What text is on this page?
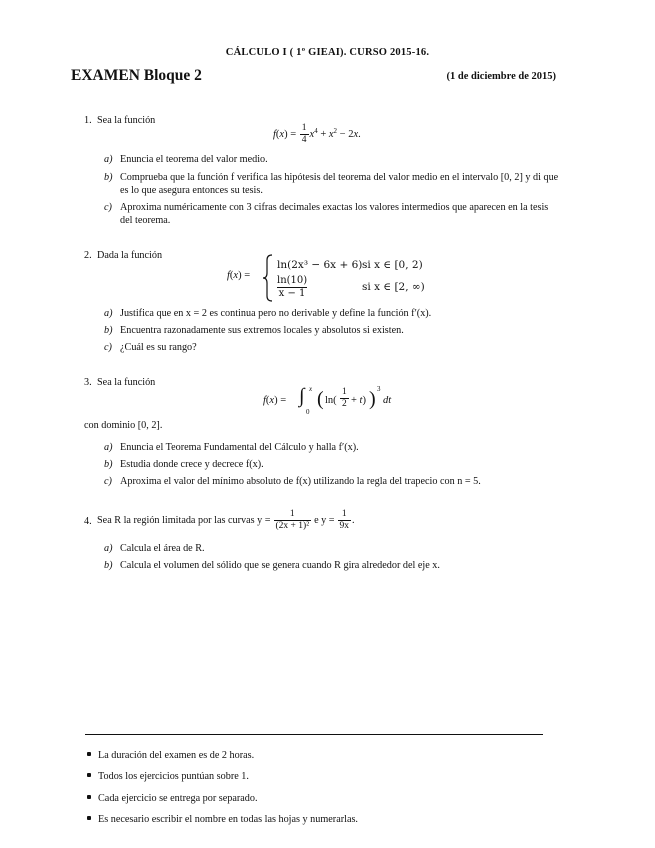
CÁLCULO I ( 1º GIEAI). CURSO 2015-16.
EXAMEN Bloque 2	(1 de diciembre de 2015)
1. Sea la función
$f(x) = \frac{1}{4} x^4 + x^2 - 2x$.
a) Enuncia el teorema del valor medio.
b) Comprueba que la función f verifica las hipótesis del teorema del valor medio en el intervalo [0, 2] y di que es lo que asegura entonces su tesis.
c) Aproxima numéricamente con 3 cifras decimales exactas los valores intermedios que aparecen en la tesis del teorema.
2. Dada la función
f(x) =
ln(2x³ − 6x + 6) si x ∈ [0, 2)
$\frac{\ln(10)}{x - 1}$	si x ∈ [2, ∞)
a) Justifica que en x = 2 es continua pero no derivable y define la función f′(x).
b) Encuentra razonadamente sus extremos locales y absolutos si existen.
c) ¿Cuál es su rango?
3. Sea la función
f(x) = ∫ x
0
( $\ln( \frac{1}{2} + t)$ ) 3
dt
con dominio [0, 2].
a) Enuncia el Teorema Fundamental del Cálculo y halla f′(x).
b) Estudia donde crece y decrece f(x).
c) Aproxima el valor del mínimo absoluto de f(x) utilizando la regla del trapecio con n = 5.
4. Sea R la región limitada por las curvas $y = \frac{1}{\text{(2x + 1)²}}$ e $y = \frac{1}{9x}$ .
a) Calcula el área de R.
b) Calcula el volumen del sólido que se genera cuando R gira alrededor del eje x.
La duración del examen es de 2 horas.
Todos los ejercicios puntúan sobre 1.
Cada ejercicio se entrega por separado.
Es necesario escribir el nombre en todas las hojas y numerarlas.
